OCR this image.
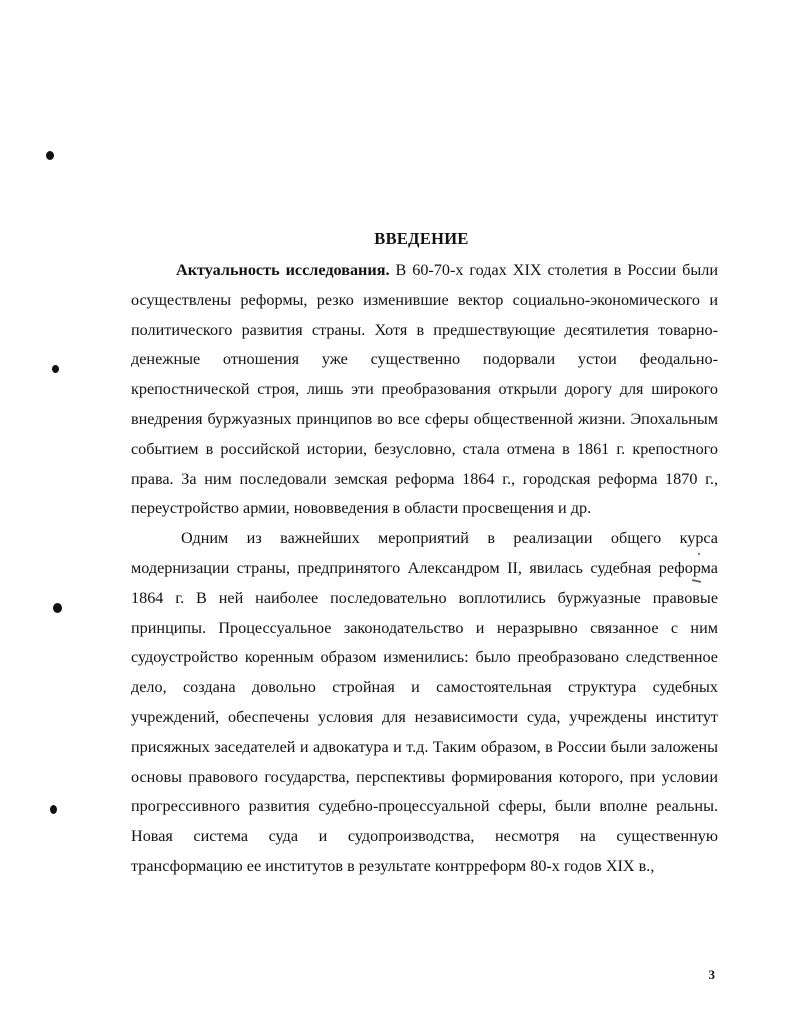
ВВЕДЕНИЕ

Актуальность исследования. В 60-70-х годах XIX столетия в России были осуществлены реформы, резко изменившие вектор социально-экономического и политического развития страны. Хотя в предшествующие десятилетия товарно-денежные отношения уже существенно подорвали устои феодально-крепостнической строя, лишь эти преобразования открыли дорогу для широкого внедрения буржуазных принципов во все сферы общественной жизни. Эпохальным событием в российской истории, безусловно, стала отмена в 1861 г. крепостного права. За ним последовали земская реформа 1864 г., городская реформа 1870 г., переустройство армии, нововведения в области просвещения и др.

Одним из важнейших мероприятий в реализации общего курса модернизации страны, предпринятого Александром II, явилась судебная реформа 1864 г. В ней наиболее последовательно воплотились буржуазные правовые принципы. Процессуальное законодательство и неразрывно связанное с ним судоустройство коренным образом изменились: было преобразовано следственное дело, создана довольно стройная и самостоятельная структура судебных учреждений, обеспечены условия для независимости суда, учреждены институт присяжных заседателей и адвокатура и т.д. Таким образом, в России были заложены основы правового государства, перспективы формирования которого, при условии прогрессивного развития судебно-процессуальной сферы, были вполне реальны. Новая система суда и судопроизводства, несмотря на существенную трансформацию ее институтов в результате контрреформ 80-х годов XIX в.,

3
